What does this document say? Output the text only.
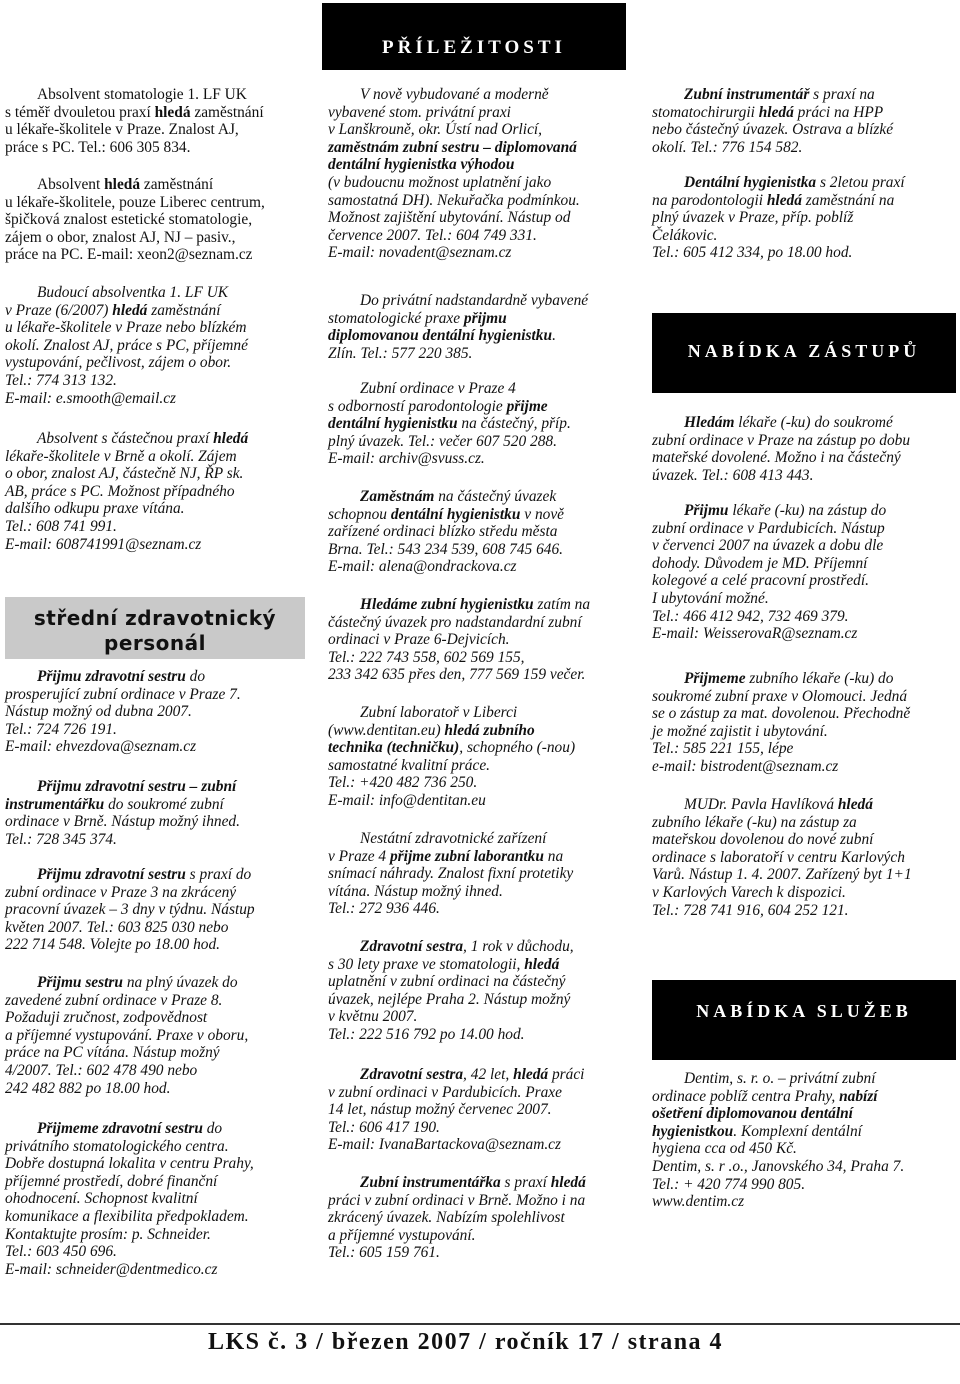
PŘÍLEŽITOSTI
Absolvent stomatologie 1. LF UK
s téměř dvouletou praxí hledá zaměstnání
u lékaře-školitele v Praze. Znalost AJ,
práce s PC. Tel.: 606 305 834.
Absolvent hledá zaměstnání
u lékaře-školitele, pouze Liberec centrum,
špičková znalost estetické stomatologie,
zájem o obor, znalost AJ, NJ – pasiv.,
práce na PC. E-mail: xeon2@seznam.cz
Budoucí absolventka 1. LF UK
v Praze (6/2007) hledá zaměstnání
u lékaře-školitele v Praze nebo blízkém
okolí. Znalost AJ, práce s PC, příjemné
vystupování, pečlivost, zájem o obor.
Tel.: 774 313 132.
E-mail: e.smooth@email.cz
Absolvent s částečnou praxí hledá
lékaře-školitele v Brně a okolí. Zájem
o obor, znalost AJ, částečně NJ, ŘP sk.
AB, práce s PC. Možnost případného
dalšího odkupu praxe vítána.
Tel.: 608 741 991.
E-mail: 608741991@seznam.cz
Přijmu zdravotní sestru do
prosperující zubní ordinace v Praze 7.
Nástup možný od dubna 2007.
Tel.: 724 726 191.
E-mail: ehvezdova@seznam.cz
Přijmu zdravotní sestru – zubní
instrumentářku do soukromé zubní
ordinace v Brně. Nástup možný ihned.
Tel.: 728 345 374.
Přijmu zdravotní sestru s praxí do
zubní ordinace v Praze 3 na zkrácený
pracovní úvazek – 3 dny v týdnu. Nástup
květen 2007. Tel.: 603 825 030 nebo
222 714 548. Volejte po 18.00 hod.
Přijmu sestru na plný úvazek do
zavedené zubní ordinace v Praze 8.
Požaduji zručnost, zodpovědnost
a příjemné vystupování. Praxe v oboru,
práce na PC vítána. Nástup možný
4/2007. Tel.: 602 478 490 nebo
242 482 882 po 18.00 hod.
Přijmeme zdravotní sestru do
privátního stomatologického centra.
Dobře dostupná lokalita v centru Prahy,
příjemné prostředí, dobré finanční
ohodnocení. Schopnost kvalitní
komunikace a flexibilita předpokladem.
Kontaktujte prosím: p. Schneider.
Tel.: 603 450 696.
E-mail: schneider@dentmedico.cz
V nově vybudované a moderně
vybavené stom. privátní praxi
v Lanškrouně, okr. Ústí nad Orlicí,
zaměstnám zubní sestru – diplomovaná
dentální hygienistka výhodou
(v budoucnu možnost uplatnění jako
samostatná DH). Nekuřačka podmínkou.
Možnost zajištění ubytování. Nástup od
července 2007. Tel.: 604 749 331.
E-mail: novadent@seznam.cz
Do privátní nadstandardně vybavené
stomatologické praxe přijmu
diplomovanou dentální hygienistku.
Zlín. Tel.: 577 220 385.
Zubní ordinace v Praze 4
s odborností parodontologie přijme
dentální hygienistku na částečný, příp.
plný úvazek. Tel.: večer 607 520 288.
E-mail: archiv@svuss.cz.
Zaměstnám na částečný úvazek
schopnou dentální hygienistku v nově
zařízené ordinaci blízko středu města
Brna. Tel.: 543 234 539, 608 745 646.
E-mail: alena@ondrackova.cz
Hledáme zubní hygienistku zatím na
částečný úvazek pro nadstandardní zubní
ordinaci v Praze 6-Dejvicích.
Tel.: 222 743 558, 602 569 155,
233 342 635 přes den, 777 569 159 večer.
Zubní laboratoř v Liberci
(www.dentitan.eu) hledá zubního
technika (techničku), schopného (-nou)
samostatné kvalitní práce.
Tel.: +420 482 736 250.
E-mail: info@dentitan.eu
Nestátní zdravotnické zařízení
v Praze 4 přijme zubní laborantku na
snímací náhrady. Znalost fixní protetiky
vítána. Nástup možný ihned.
Tel.: 272 936 446.
Zdravotní sestra, 1 rok v důchodu,
s 30 lety praxe ve stomatologii, hledá
uplatnění v zubní ordinaci na částečný
úvazek, nejlépe Praha 2. Nástup možný
v květnu 2007.
Tel.: 222 516 792 po 14.00 hod.
Zdravotní sestra, 42 let, hledá práci
v zubní ordinaci v Pardubicích. Praxe
14 let, nástup možný červenec 2007.
Tel.: 606 417 190.
E-mail: IvanaBartackova@seznam.cz
Zubní instrumentářka s praxí hledá
práci v zubní ordinaci v Brně. Možno i na
zkrácený úvazek. Nabízím spolehlivost
a příjemné vystupování.
Tel.: 605 159 761.
Zubní instrumentář s praxí na
stomatochirurgii hledá práci na HPP
nebo částečný úvazek. Ostrava a blízké
okolí. Tel.: 776 154 582.
Dentální hygienistka s 2letou praxí
na parodontologii hledá zaměstnání na
plný úvazek v Praze, příp. poblíž
Čelákovic.
Tel.: 605 412 334, po 18.00 hod.
Hledám lékaře (-ku) do soukromé
zubní ordinace v Praze na zástup po dobu
mateřské dovolené. Možno i na částečný
úvazek. Tel.: 608 413 443.
Přijmu lékaře (-ku) na zástup do
zubní ordinace v Pardubicích. Nástup
v červenci 2007 na úvazek a dobu dle
dohody. Důvodem je MD. Příjemní
kolegové a celé pracovní prostředí.
I ubytování možné.
Tel.: 466 412 942, 732 469 379.
E-mail: WeisserovaR@seznam.cz
Přijmeme zubního lékaře (-ku) do
soukromé zubní praxe v Olomouci. Jedná
se o zástup za mat. dovolenou. Přechodně
je možné zajistit i ubytování.
Tel.: 585 221 155, lépe
e-mail: bistrodent@seznam.cz
MUDr. Pavla Havlíková hledá
zubního lékaře (-ku) na zástup za
mateřskou dovolenou do nové zubní
ordinace s laboratoří v centru Karlových
Varů. Nástup 1. 4. 2007. Zařízený byt 1+1
v Karlových Varech k dispozici.
Tel.: 728 741 916, 604 252 121.
Dentim, s. r. o. – privátní zubní
ordinace poblíž centra Prahy, nabízí
ošetření diplomovanou dentální
hygienistkou. Komplexní dentální
hygiena cca od 450 Kč.
Dentim, s. r .o., Janovského 34, Praha 7.
Tel.: + 420 774 990 805.
www.dentim.cz
střední zdravotnický personál
NABÍDKA ZÁSTUPŮ
NABÍDKA SLUŽEB
LKS č. 3 / březen 2007 / ročník 17 / strana 4
